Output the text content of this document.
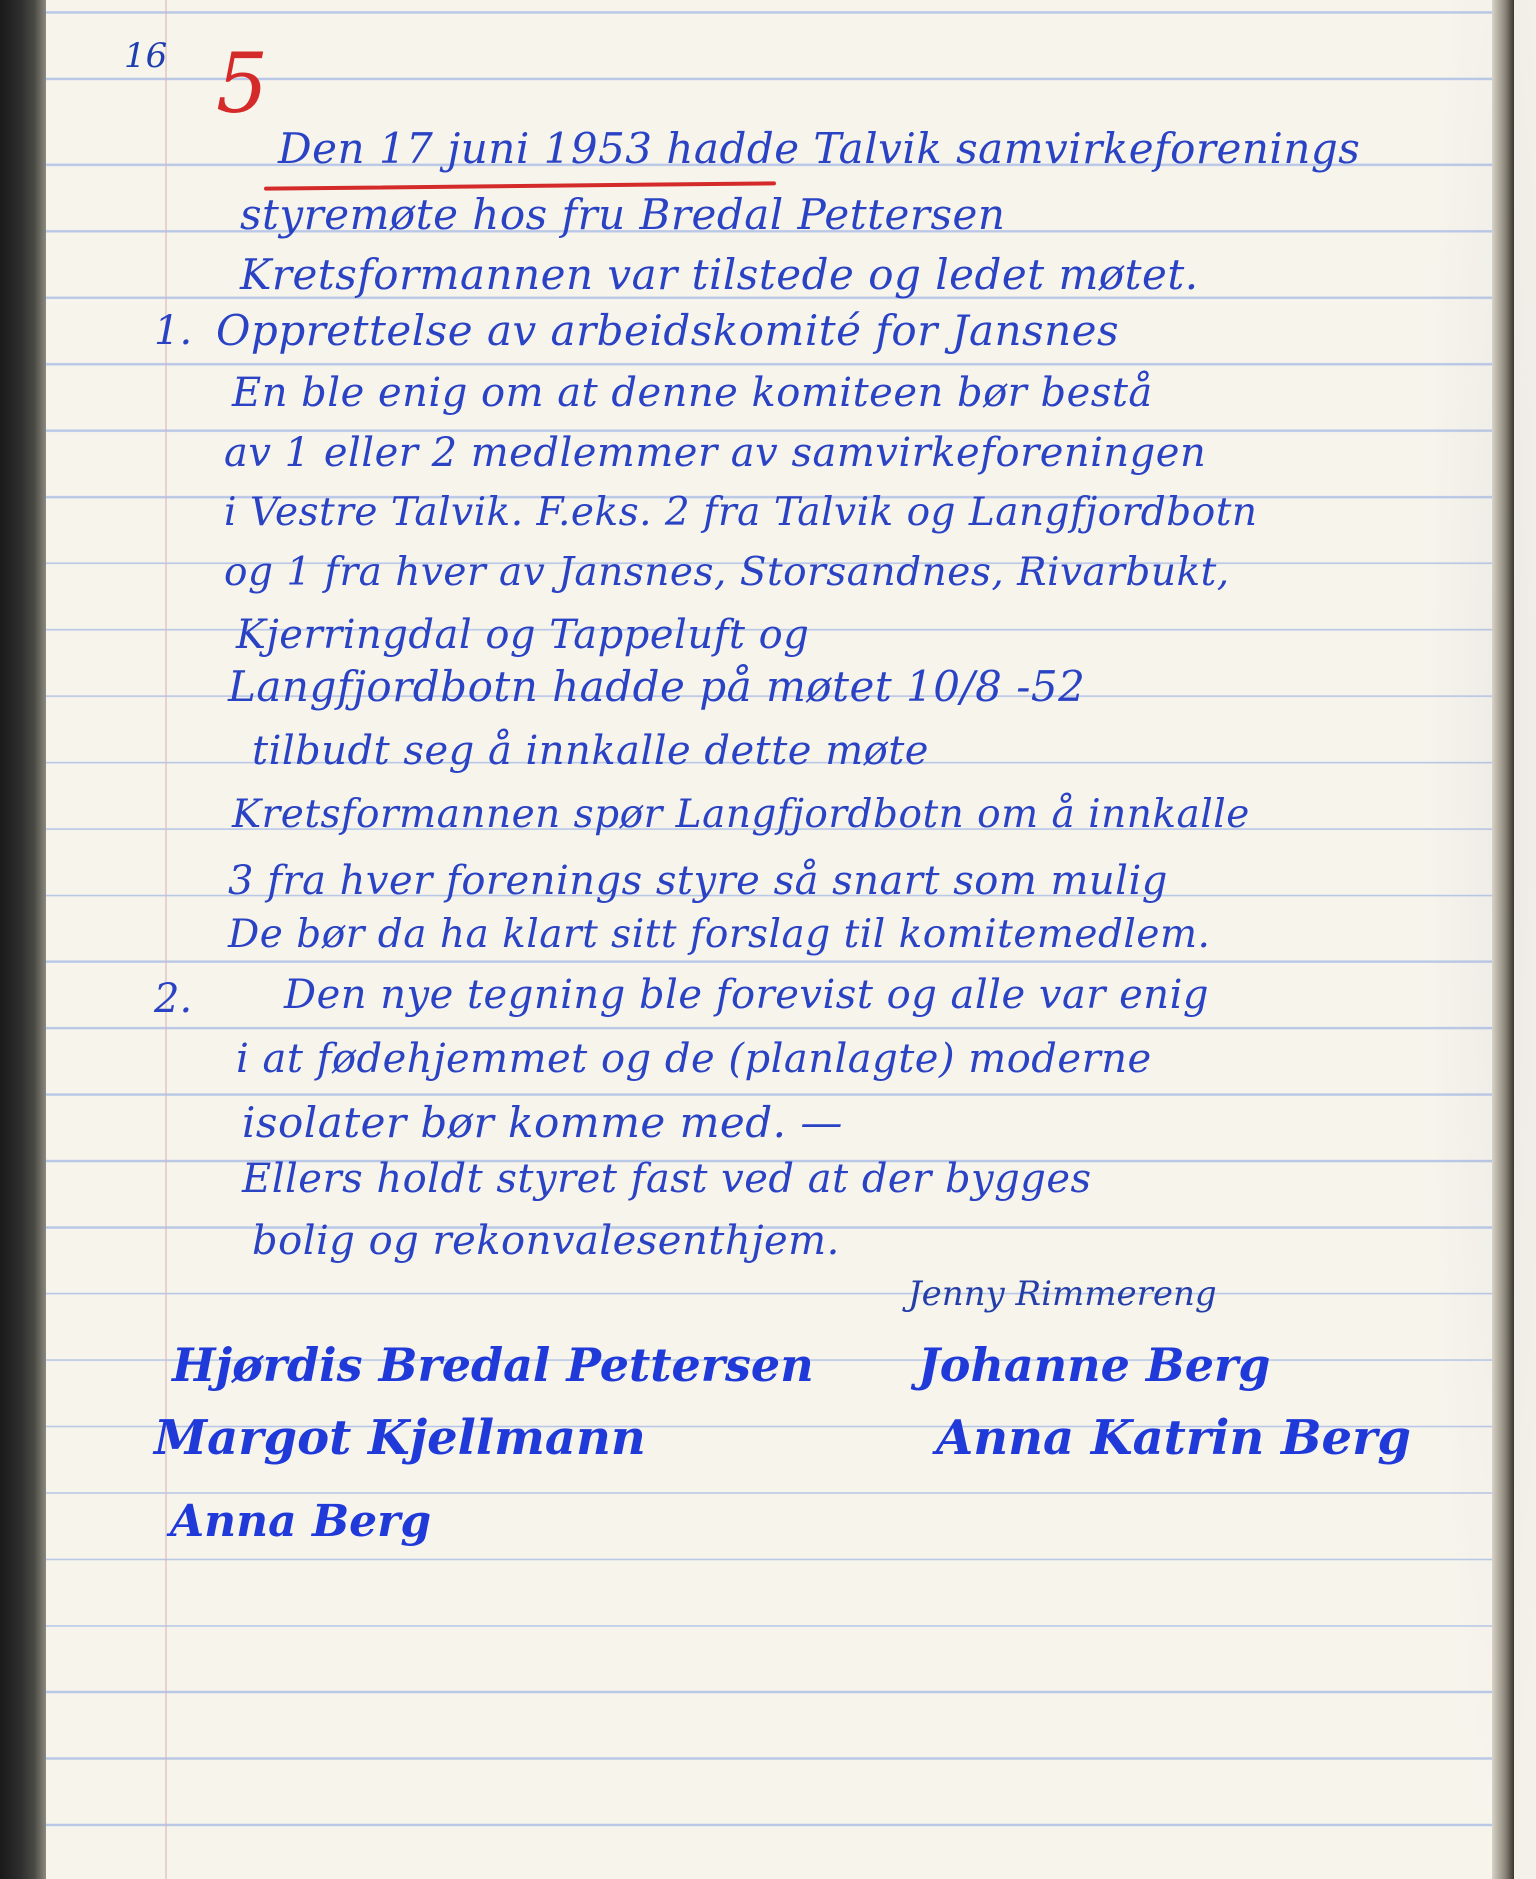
16 5

Den 17 juni 1953 hadde Talvik samvirkeforenings

styremøte hos fru Bredal Pettersen

Kretsformannen var tilstede og ledet møtet.

1. Opprettelse av arbeidskomité for Jansnes

En ble enig om at denne komiteen bør bestå

av 1 eller 2 medlemmer av samvirkeforeningen

i Vestre Talvik. F.eks. 2 fra Talvik og Langfjordbotn

og 1 fra hver av Jansnes, Storsandnes, Rivarbukt,

Kjerringdal og Tappeluft og

Langfjordbotn hadde på møtet 10/8 -52

tilbudt seg å innkalle dette møte

Kretsformannen spør Langfjordbotn om å innkalle

3 fra hver forenings styre så snart som mulig

De bør da ha klart sitt forslag til komitemedlem.

2. Den nye tegning ble forevist og alle var enig

i at fødehjemmet og de (planlagte) moderne

isolater bør komme med. —

Ellers holdt styret fast ved at der bygges

bolig og rekonvalesenthjem.

Jenny Rimmereng

Hjørdis Bredal Pettersen Johanne Berg

Margot Kjellmann	Anna Katrin Berg

Anna Berg
